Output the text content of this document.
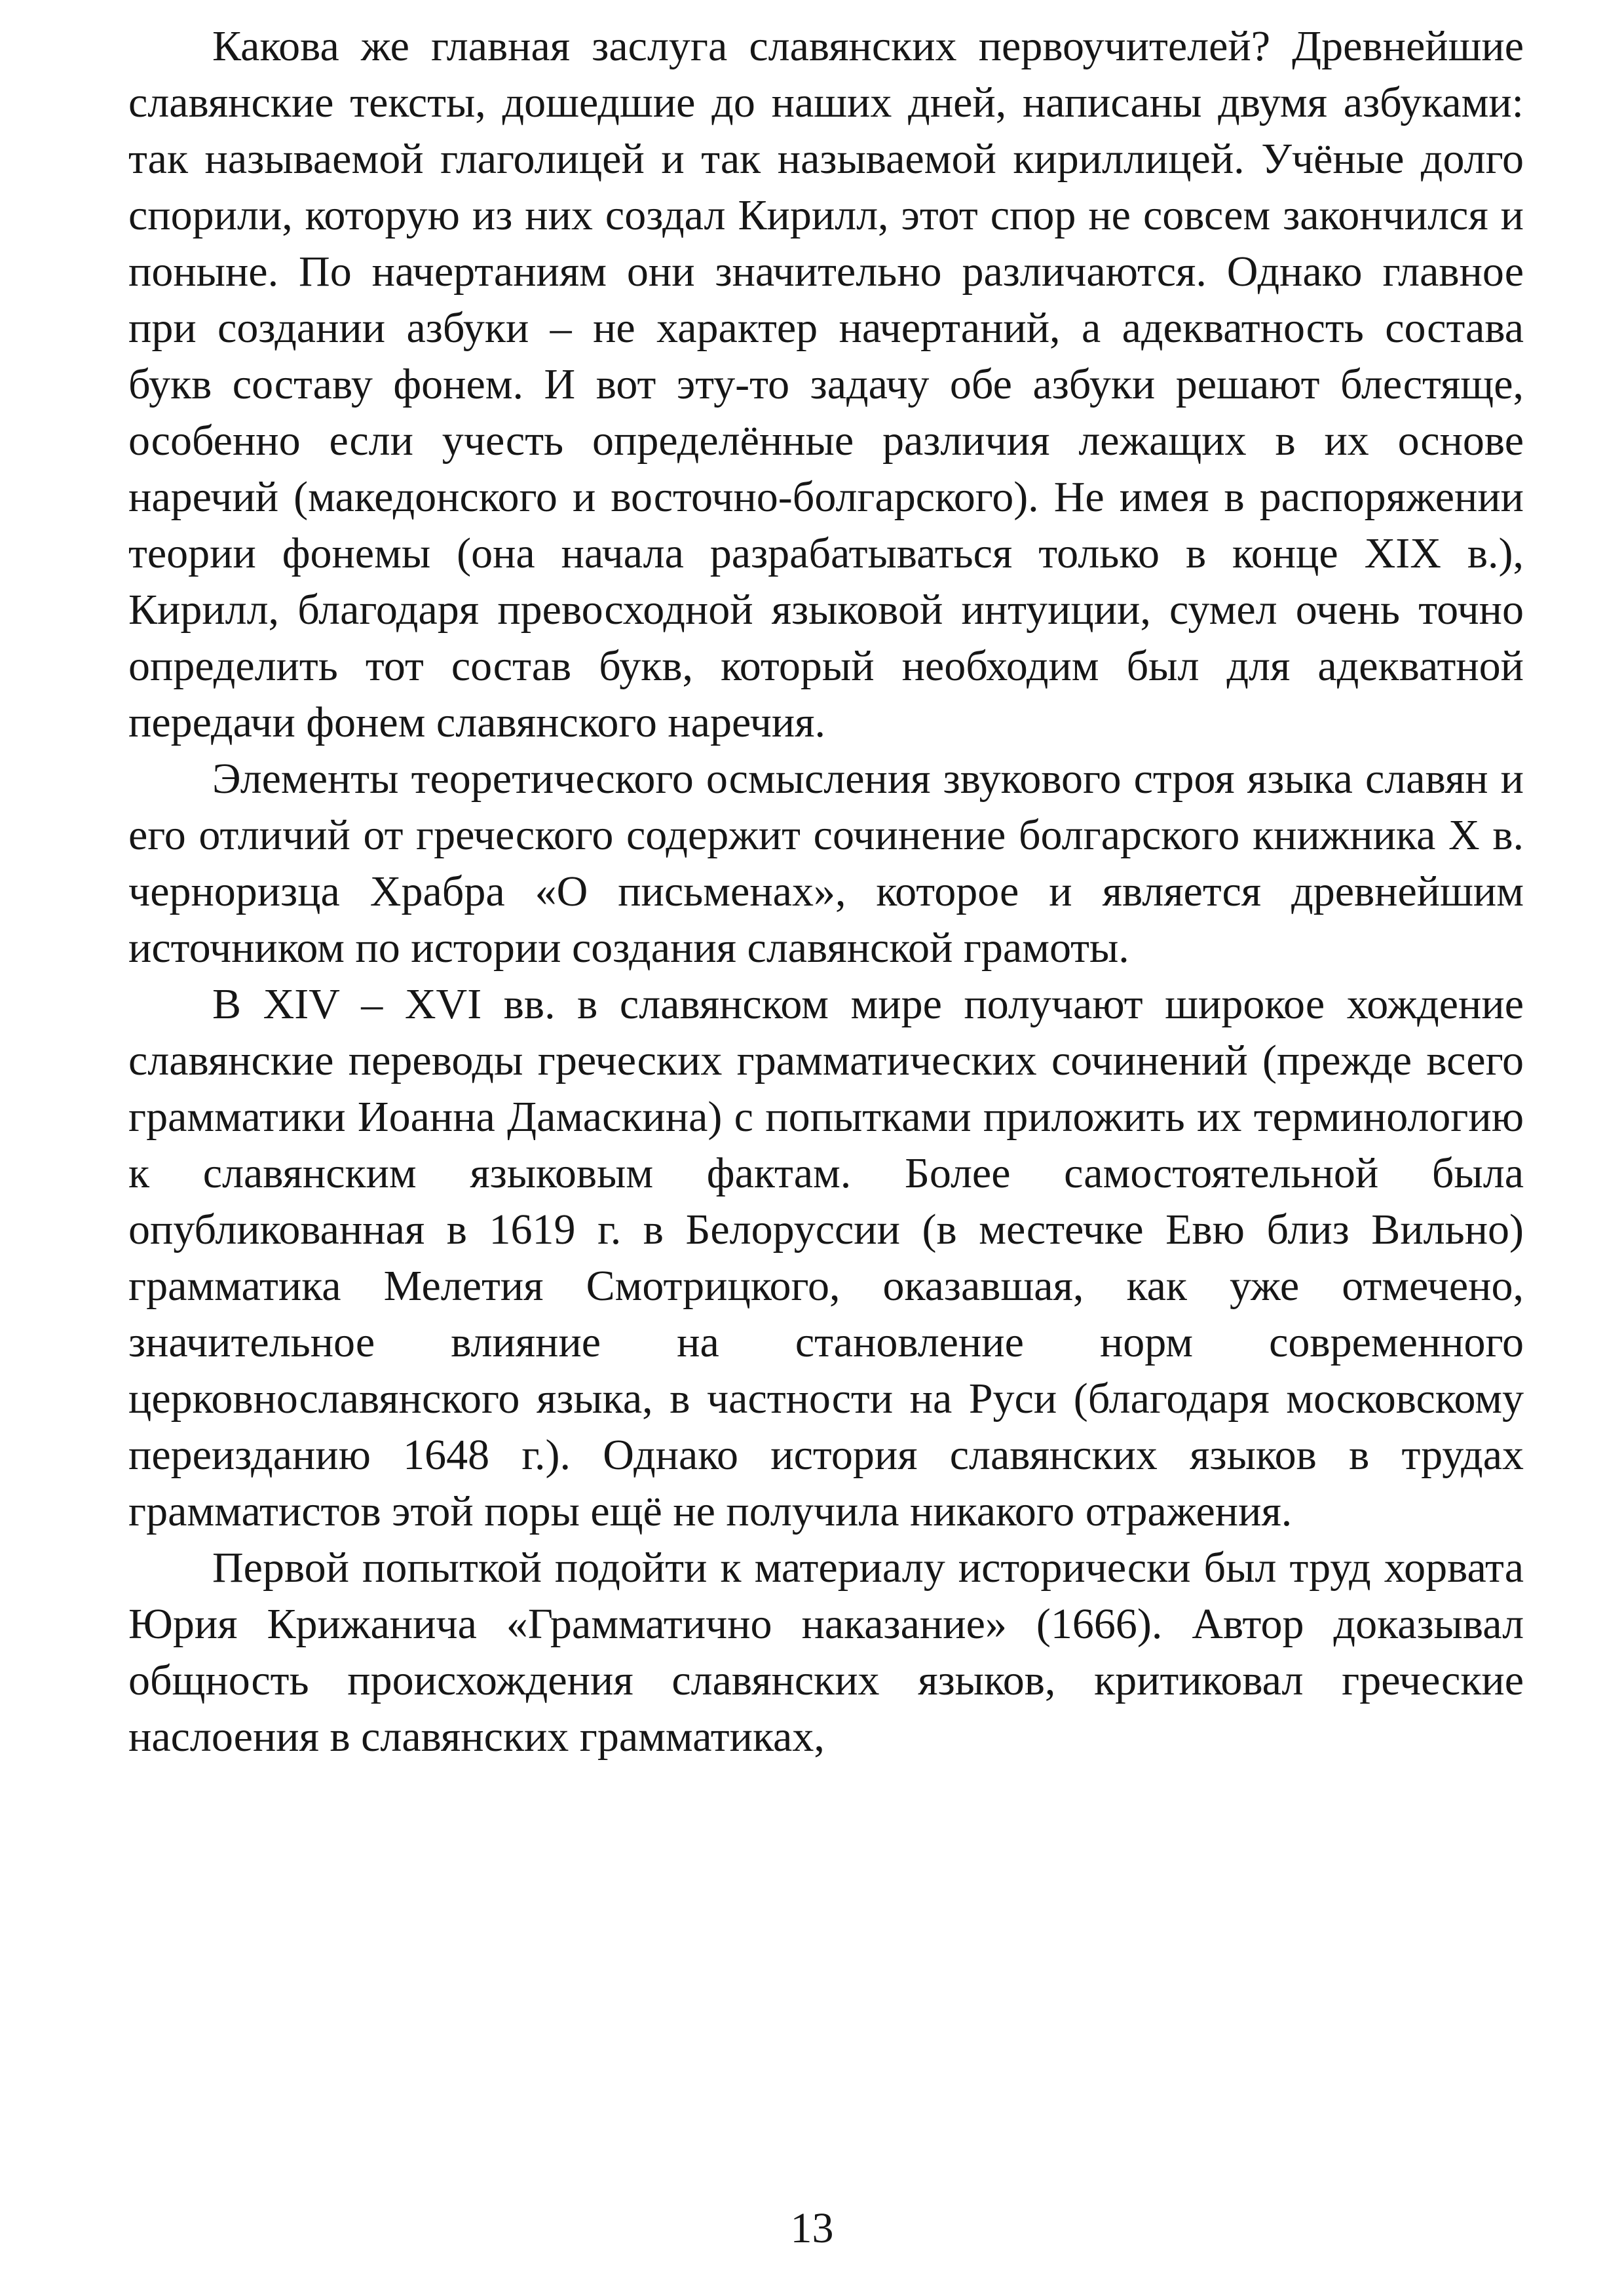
Какова же главная заслуга славянских первоучителей? Древнейшие славянские тексты, дошедшие до наших дней, написаны двумя азбуками: так называемой глаголицей и так называемой кириллицей. Учёные долго спорили, которую из них создал Кирилл, этот спор не совсем закончился и поныне. По начертаниям они значительно различаются. Однако главное при создании азбуки – не характер начертаний, а адекватность состава букв составу фонем. И вот эту-то задачу обе азбуки решают блестяще, особенно если учесть определённые различия лежащих в их основе наречий (македонского и восточно-болгарского). Не имея в распоряжении теории фонемы (она начала разрабатываться только в конце XIX в.), Кирилл, благодаря превосходной языковой интуиции, сумел очень точно определить тот состав букв, который необходим был для адекватной передачи фонем славянского наречия.

Элементы теоретического осмысления звукового строя языка славян и его отличий от греческого содержит сочинение болгарского книжника X в. черноризца Храбра «О письменах», которое и является древнейшим источником по истории создания славянской грамоты.

В XIV – XVI вв. в славянском мире получают широкое хождение славянские переводы греческих грамматических сочинений (прежде всего грамматики Иоанна Дамаскина) с попытками приложить их терминологию к славянским языковым фактам. Более самостоятельной была опубликованная в 1619 г. в Белоруссии (в местечке Евю близ Вильно) грамматика Мелетия Смотрицкого, оказавшая, как уже отмечено, значительное влияние на становление норм современного церковнославянского языка, в частности на Руси (благодаря московскому переизданию 1648 г.). Однако история славянских языков в трудах грамматистов этой поры ещё не получила никакого отражения.

Первой попыткой подойти к материалу исторически был труд хорвата Юрия Крижанича «Грамматично наказание» (1666). Автор доказывал общность происхождения славянских языков, критиковал греческие наслоения в славянских грамматиках,

13
